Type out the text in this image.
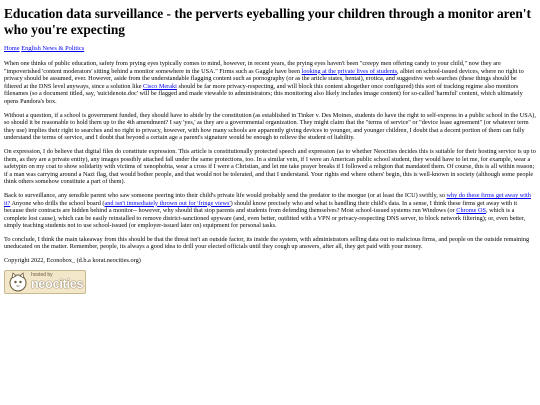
Education data surveillance - the perverts eyeballing your children through a monitor aren't who you're expecting
Home English News & Politics

When one thinks of public education, safety from prying eyes typically comes to mind, however, in recent years, the prying eyes haven't been "creepy men offering candy to your child," now they are "impoverished 'content moderators' sitting behind a monitor somewhere in the USA." Firms such as Gaggle have been looking at the private lives of students, albiet on school-issued devices, where no right to privacy should be assumed, ever. However, aside from the understandable flagging content such as pornography (or as the article states, hentai), erotica, and suggestive web searches (these things should be filtered at the DNS level anyways, since a solution like Cisco Meraki should be far more privacy-respecting, and will block this content altogether once configured) this sort of tracking regime also monitors filenames (so a document titled, say, 'suicidenote.doc' will be flagged and made viewable to administrators; this monitoring also likely includes image content) for so-called 'harmful' content, which ultimately opens Pandora's box.

Without a question, if a school is government funded, they should have to abide by the constitution (as established in Tinker v. Des Moines, students do have the right to self-express in a public school in the USA), so should it be reasonable to hold them up to the 4th amendment? I say 'yes,' as they are a governmental organization. They might claim that the "terms of service" or "device lease agreement" (or whatever term they use) implies their right to searches and no right to privacy, however, with how many schools are apparently giving devices to younger, and younger children, I doubt that a decent portion of them can fully understand the terms of service, and I doubt that beyond a certain age a parent's signature would be enough to relieve the student of liability.

On expression, I do believe that digital files do constitute expression. This article is constitutionally protected speech and expression (as to whether Neocities decides this is suitable for their hosting service is up to them, as they are a private entity), any images possibly attached fall under the same protections, too. In a similar vein, if I were an American public school student, they would have to let me, for example, wear a safetypin on my coat to show solidarity with victims of xenophobia, wear a cross if I were a Christian, and let me take prayer breaks if I followed a religion that mandated them. Of course, this is all within reason; if a man was carrying around a Nazi flag, that would bother people, and that would not be tolerated, and that I understand. Your rights end where others' begin, this is well-known in society (although some people think others somehow constitute a part of them).

Back to surveillance, any sensible parent who saw someone peering into their child's private life would probably send the predator to the morgue (or at least the ICU) swiftly, so why do these firms get away with it? Anyone who drills the school board (and isn't immediately thrown out for 'fringe views') should know precisely who and what is handling their child's data. In a sense, I think these firms get away with it because their contracts are hidden behind a monitor-- however, why should that stop parents and students from defending themselves? Most school-issued systems run Windows (or Chrome OS, which is a complete lost cause), which can be easily reinstalled to remove district-sanctioned spyware (and, even better, outfitted with a VPN or privacy-respecting DNS server, to block network filtering); or, even better, simply teaching students not to use school-issued (or employer-issued later on) equipment for personal tasks.

To conclude, I think the main takeaway from this should be that the threat isn't an outside factor, its inside the system, with administrators selling data out to malicious firms, and people on the outside remaining uneducated on the matter. Remember, people, its always a good idea to drill your elected officials until they cough up answers, after all, they get paid with your money.

Copyright 2022, Econobox_ (d.b.a korat.neocities.org)
hosted by
neocities
